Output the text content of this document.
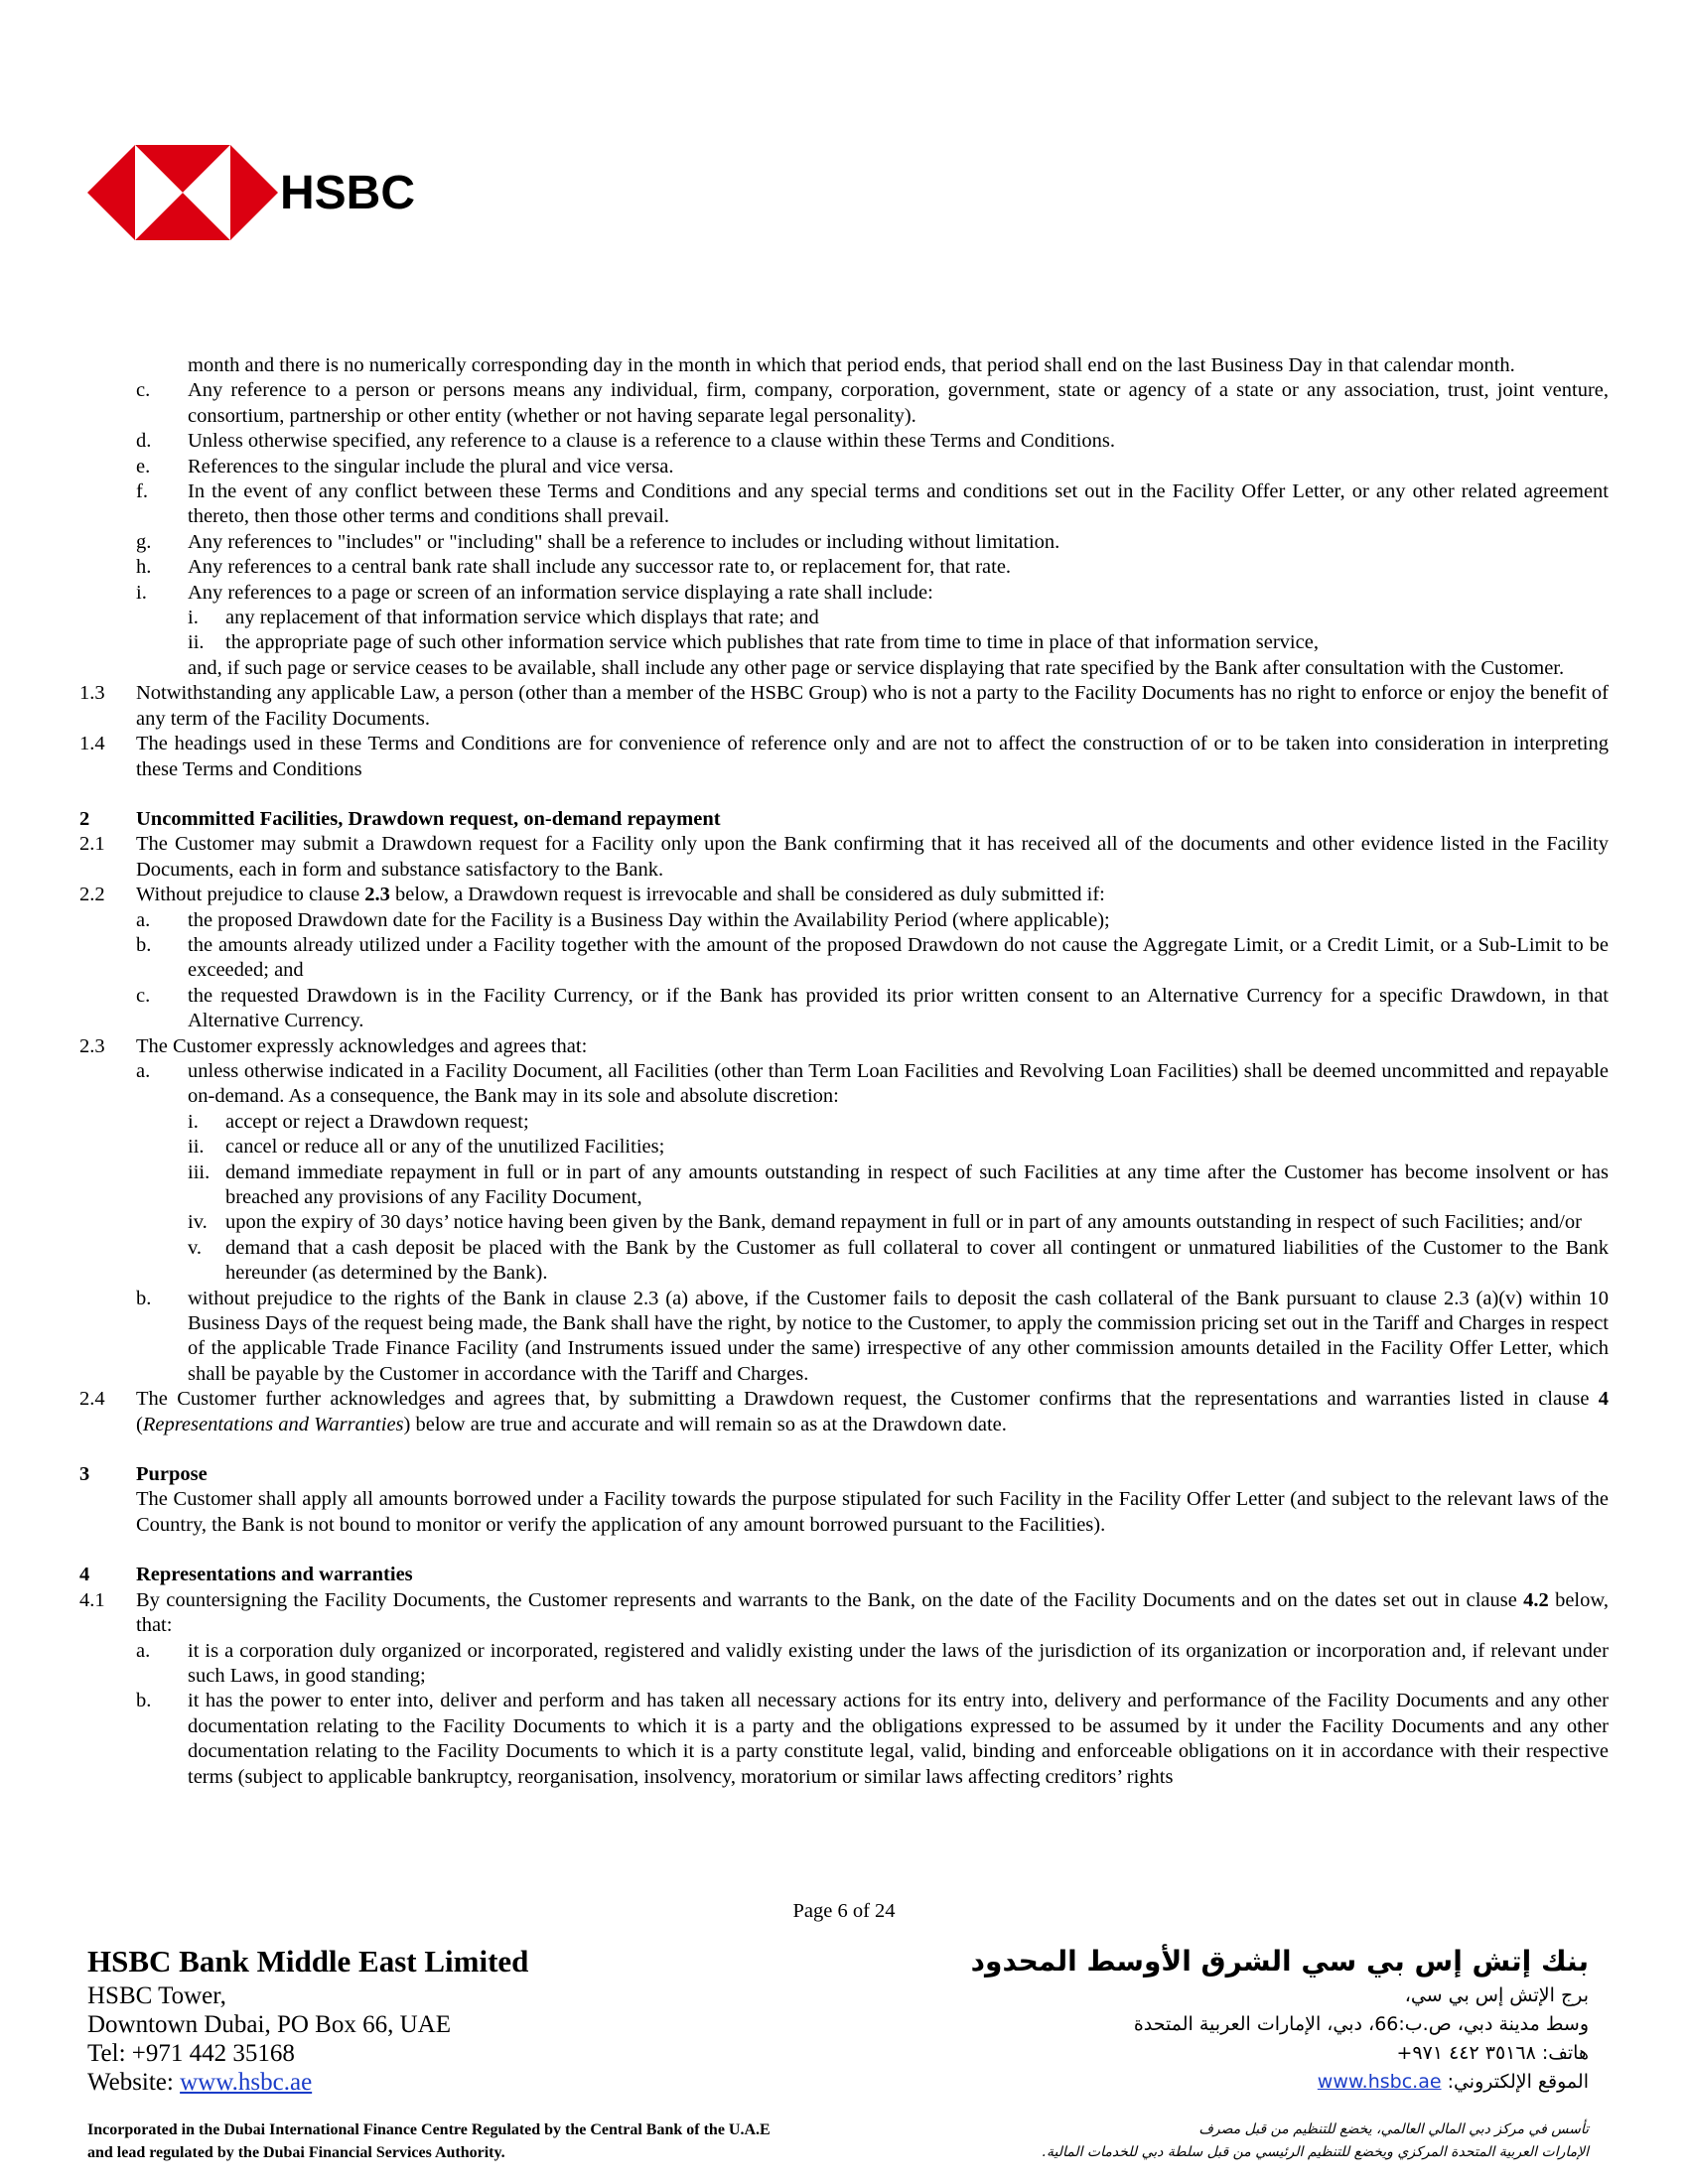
HSBC
month and there is no numerically corresponding day in the month in which that period ends, that period shall end on the last Business Day in that calendar month.
c.	Any reference to a person or persons means any individual, firm, company, corporation, government, state or agency of a state or any association, trust, joint venture, consortium, partnership or other entity (whether or not having separate legal personality).
d.	Unless otherwise specified, any reference to a clause is a reference to a clause within these Terms and Conditions.
e.	References to the singular include the plural and vice versa.
f.	In the event of any conflict between these Terms and Conditions and any special terms and conditions set out in the Facility Offer Letter, or any other related agreement thereto, then those other terms and conditions shall prevail.
g.	Any references to "includes" or "including" shall be a reference to includes or including without limitation.
h.	Any references to a central bank rate shall include any successor rate to, or replacement for, that rate.
i.	Any references to a page or screen of an information service displaying a rate shall include:
i.	any replacement of that information service which displays that rate; and
ii.	the appropriate page of such other information service which publishes that rate from time to time in place of that information service,
and, if such page or service ceases to be available, shall include any other page or service displaying that rate specified by the Bank after consultation with the Customer.
1.3	Notwithstanding any applicable Law, a person (other than a member of the HSBC Group) who is not a party to the Facility Documents has no right to enforce or enjoy the benefit of any term of the Facility Documents.
1.4	The headings used in these Terms and Conditions are for convenience of reference only and are not to affect the construction of or to be taken into consideration in interpreting these Terms and Conditions
2	Uncommitted Facilities, Drawdown request, on-demand repayment
2.1	The Customer may submit a Drawdown request for a Facility only upon the Bank confirming that it has received all of the documents and other evidence listed in the Facility Documents, each in form and substance satisfactory to the Bank.
2.2	Without prejudice to clause 2.3 below, a Drawdown request is irrevocable and shall be considered as duly submitted if:
a.	the proposed Drawdown date for the Facility is a Business Day within the Availability Period (where applicable);
b.	the amounts already utilized under a Facility together with the amount of the proposed Drawdown do not cause the Aggregate Limit, or a Credit Limit, or a Sub-Limit to be exceeded; and
c.	the requested Drawdown is in the Facility Currency, or if the Bank has provided its prior written consent to an Alternative Currency for a specific Drawdown, in that Alternative Currency.
2.3	The Customer expressly acknowledges and agrees that:
a.	unless otherwise indicated in a Facility Document, all Facilities (other than Term Loan Facilities and Revolving Loan Facilities) shall be deemed uncommitted and repayable on-demand. As a consequence, the Bank may in its sole and absolute discretion:
i.	accept or reject a Drawdown request;
ii.	cancel or reduce all or any of the unutilized Facilities;
iii. demand immediate repayment in full or in part of any amounts outstanding in respect of such Facilities at any time after the Customer has become insolvent or has breached any provisions of any Facility Document,
iv. upon the expiry of 30 days’ notice having been given by the Bank, demand repayment in full or in part of any amounts outstanding in respect of such Facilities; and/or
v.	demand that a cash deposit be placed with the Bank by the Customer as full collateral to cover all contingent or unmatured liabilities of the Customer to the Bank hereunder (as determined by the Bank).
b.	without prejudice to the rights of the Bank in clause 2.3 (a) above, if the Customer fails to deposit the cash collateral of the Bank pursuant to clause 2.3 (a)(v) within 10 Business Days of the request being made, the Bank shall have the right, by notice to the Customer, to apply the commission pricing set out in the Tariff and Charges in respect of the applicable Trade Finance Facility (and Instruments issued under the same) irrespective of any other commission amounts detailed in the Facility Offer Letter, which shall be payable by the Customer in accordance with the Tariff and Charges.
2.4	The Customer further acknowledges and agrees that, by submitting a Drawdown request, the Customer confirms that the representations and warranties listed in clause 4 (Representations and Warranties) below are true and accurate and will remain so as at the Drawdown date.
3	Purpose
The Customer shall apply all amounts borrowed under a Facility towards the purpose stipulated for such Facility in the Facility Offer Letter (and subject to the relevant laws of the Country, the Bank is not bound to monitor or verify the application of any amount borrowed pursuant to the Facilities).
4	Representations and warranties
4.1	By countersigning the Facility Documents, the Customer represents and warrants to the Bank, on the date of the Facility Documents and on the dates set out in clause 4.2 below, that:
a.	it is a corporation duly organized or incorporated, registered and validly existing under the laws of the jurisdiction of its organization or incorporation and, if relevant under such Laws, in good standing;
b.	it has the power to enter into, deliver and perform and has taken all necessary actions for its entry into, delivery and performance of the Facility Documents and any other documentation relating to the Facility Documents to which it is a party and the obligations expressed to be assumed by it under the Facility Documents and any other documentation relating to the Facility Documents to which it is a party constitute legal, valid, binding and enforceable obligations on it in accordance with their respective terms (subject to applicable bankruptcy, reorganisation, insolvency, moratorium or similar laws affecting creditors’ rights
Page 6 of 24
HSBC Bank Middle East Limited
HSBC Tower,
Downtown Dubai, PO Box 66, UAE
Tel: +971 442 35168
Website: www.hsbc.ae
بنك إتش إس بي سي الشرق الأوسط المحدود
برج الإتش إس بي سي،
وسط مدينة دبي، ص.ب:66، دبي، الإمارات العربية المتحدة
هاتف: ٣٥١٦٨ ٤٤٢ ٩٧١+
الموقع الإلكتروني: www.hsbc.ae
Incorporated in the Dubai International Finance Centre Regulated by the Central Bank of the U.A.E
and lead regulated by the Dubai Financial Services Authority.
تأسس في مركز دبي المالي العالمي، يخضع للتنظيم من قبل مصرف
الإمارات العربية المتحدة المركزي ويخضع للتنظيم الرئيسي من قبل سلطة دبي للخدمات المالية.
